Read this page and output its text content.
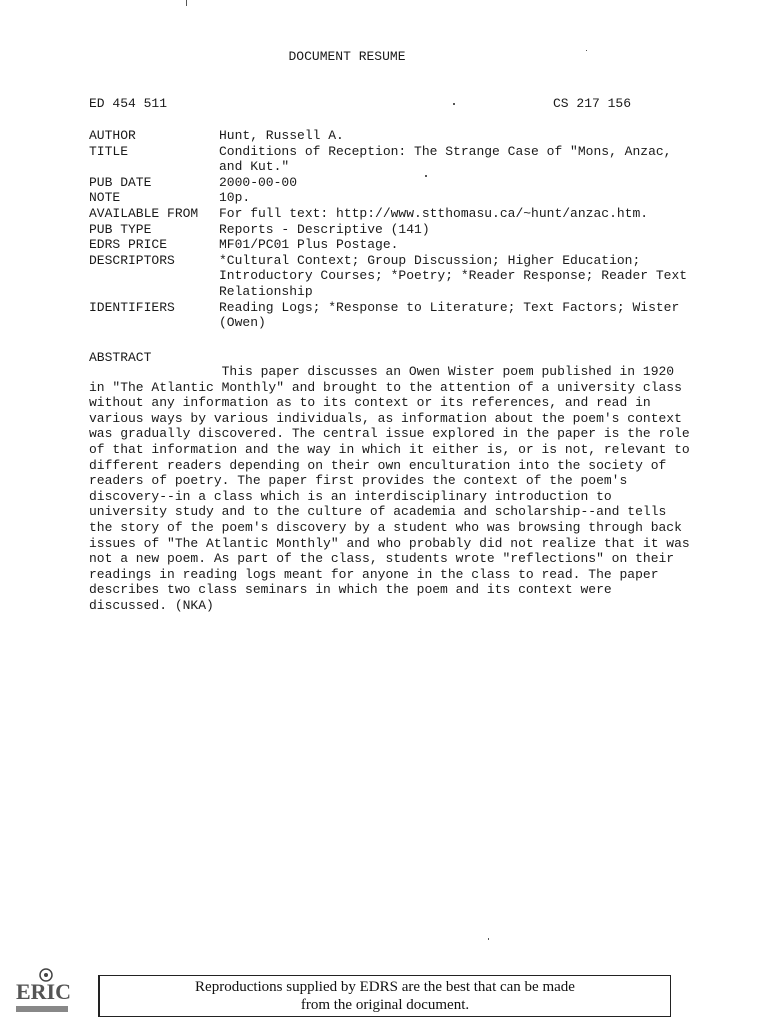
DOCUMENT RESUME
ED 454 511	CS 217 156
AUTHOR	Hunt, Russell A.
TITLE	Conditions of Reception: The Strange Case of "Mons, Anzac,
and Kut."
PUB DATE	2000-00-00
NOTE	10p.
AVAILABLE FROM	For full text: http://www.stthomasu.ca/~hunt/anzac.htm.
PUB TYPE	Reports - Descriptive (141)
EDRS PRICE	MF01/PC01 Plus Postage.
DESCRIPTORS	*Cultural Context; Group Discussion; Higher Education;
Introductory Courses; *Poetry; *Reader Response; Reader Text
Relationship
IDENTIFIERS	Reading Logs; *Response to Literature; Text Factors; Wister
(Owen)
ABSTRACT
This paper discusses an Owen Wister poem published in 1920
in "The Atlantic Monthly" and brought to the attention of a university class
without any information as to its context or its references, and read in
various ways by various individuals, as information about the poem's context
was gradually discovered. The central issue explored in the paper is the role
of that information and the way in which it either is, or is not, relevant to
different readers depending on their own enculturation into the society of
readers of poetry. The paper first provides the context of the poem's
discovery--in a class which is an interdisciplinary introduction to
university study and to the culture of academia and scholarship--and tells
the story of the poem's discovery by a student who was browsing through back
issues of "The Atlantic Monthly" and who probably did not realize that it was
not a new poem. As part of the class, students wrote "reflections" on their
readings in reading logs meant for anyone in the class to read. The paper
describes two class seminars in which the poem and its context were
discussed. (NKA)
ERIC	Reproductions supplied by EDRS are the best that can be made
from the original document.
